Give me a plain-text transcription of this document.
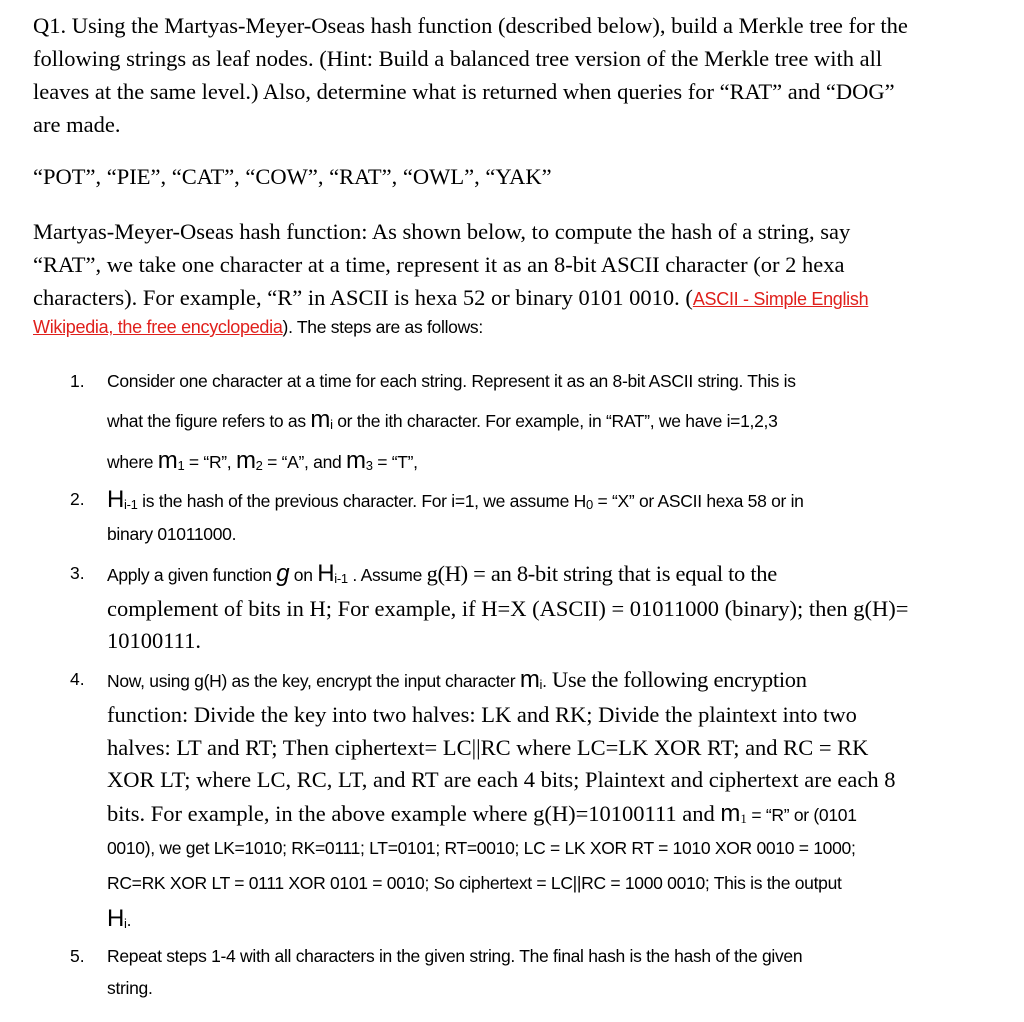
Q1. Using the Martyas-Meyer-Oseas hash function (described below), build a Merkle tree for the
following strings as leaf nodes. (Hint: Build a balanced tree version of the Merkle tree with all
leaves at the same level.) Also, determine what is returned when queries for “RAT” and “DOG”
are made.
“POT”, “PIE”, “CAT”, “COW”, “RAT”, “OWL”, “YAK”
Martyas-Meyer-Oseas hash function: As shown below, to compute the hash of a string, say
“RAT”, we take one character at a time, represent it as an 8-bit ASCII character (or 2 hexa
characters). For example, “R” in ASCII is hexa 52 or binary 0101 0010. (ASCII - Simple English
Wikipedia, the free encyclopedia). The steps are as follows:
1. Consider one character at a time for each string. Represent it as an 8-bit ASCII string. This is
what the figure refers to as mi or the ith character. For example, in “RAT”, we have i=1,2,3
where m1 = “R”, m2 = “A”, and m3 = “T”,
2. Hi-1 is the hash of the previous character. For i=1, we assume H0 = “X” or ASCII hexa 58 or in
binary 01011000.
3. Apply a given function g on Hi-1 . Assume g(H) = an 8-bit string that is equal to the
complement of bits in H; For example, if H=X (ASCII) = 01011000 (binary); then g(H)=
10100111.
4. Now, using g(H) as the key, encrypt the input character mi. Use the following encryption
function: Divide the key into two halves: LK and RK; Divide the plaintext into two
halves: LT and RT; Then ciphertext= LC||RC where LC=LK XOR RT; and RC = RK
XOR LT; where LC, RC, LT, and RT are each 4 bits; Plaintext and ciphertext are each 8
bits. For example, in the above example where g(H)=10100111 and m1 = “R” or (0101
0010), we get LK=1010; RK=0111; LT=0101; RT=0010; LC = LK XOR RT = 1010 XOR 0010 = 1000;
RC=RK XOR LT = 0111 XOR 0101 = 0010; So ciphertext = LC||RC = 1000 0010; This is the output
Hi.
5. Repeat steps 1-4 with all characters in the given string. The final hash is the hash of the given
string.
